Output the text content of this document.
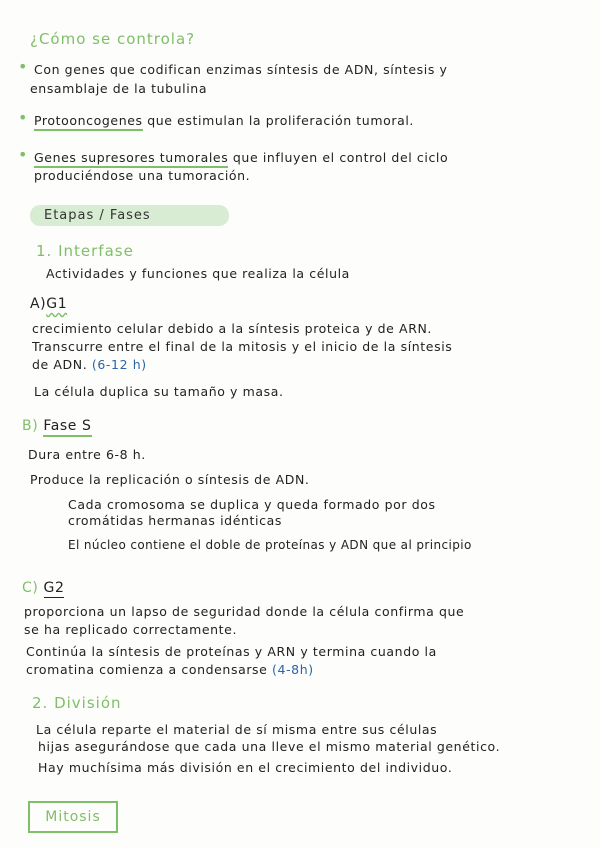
¿Cómo se controla?
• Con genes que codifican enzimas síntesis de ADN, síntesis y
ensamblaje de la tubulina
• Protooncogenes que estimulan la proliferación tumoral.
• Genes supresores tumorales que influyen el control del ciclo
produciéndose una tumoración.
Etapas / Fases
1. Interfase
Actividades y funciones que realiza la célula
A)G1
crecimiento celular debido a la síntesis proteica y de ARN.
Transcurre entre el final de la mitosis y el inicio de la síntesis
de ADN. (6-12 h)
La célula duplica su tamaño y masa.
B) Fase S
Dura entre 6-8 h.
Produce la replicación o síntesis de ADN.
Cada cromosoma se duplica y queda formado por dos
cromátidas hermanas idénticas
El núcleo contiene el doble de proteínas y ADN que al principio
C) G2
proporciona un lapso de seguridad donde la célula confirma que
se ha replicado correctamente.
Continúa la síntesis de proteínas y ARN y termina cuando la
cromatina comienza a condensarse (4-8h)
2. División
La célula reparte el material de sí misma entre sus células
hijas asegurándose que cada una lleve el mismo material genético.
Hay muchísima más división en el crecimiento del individuo.
Mitosis
